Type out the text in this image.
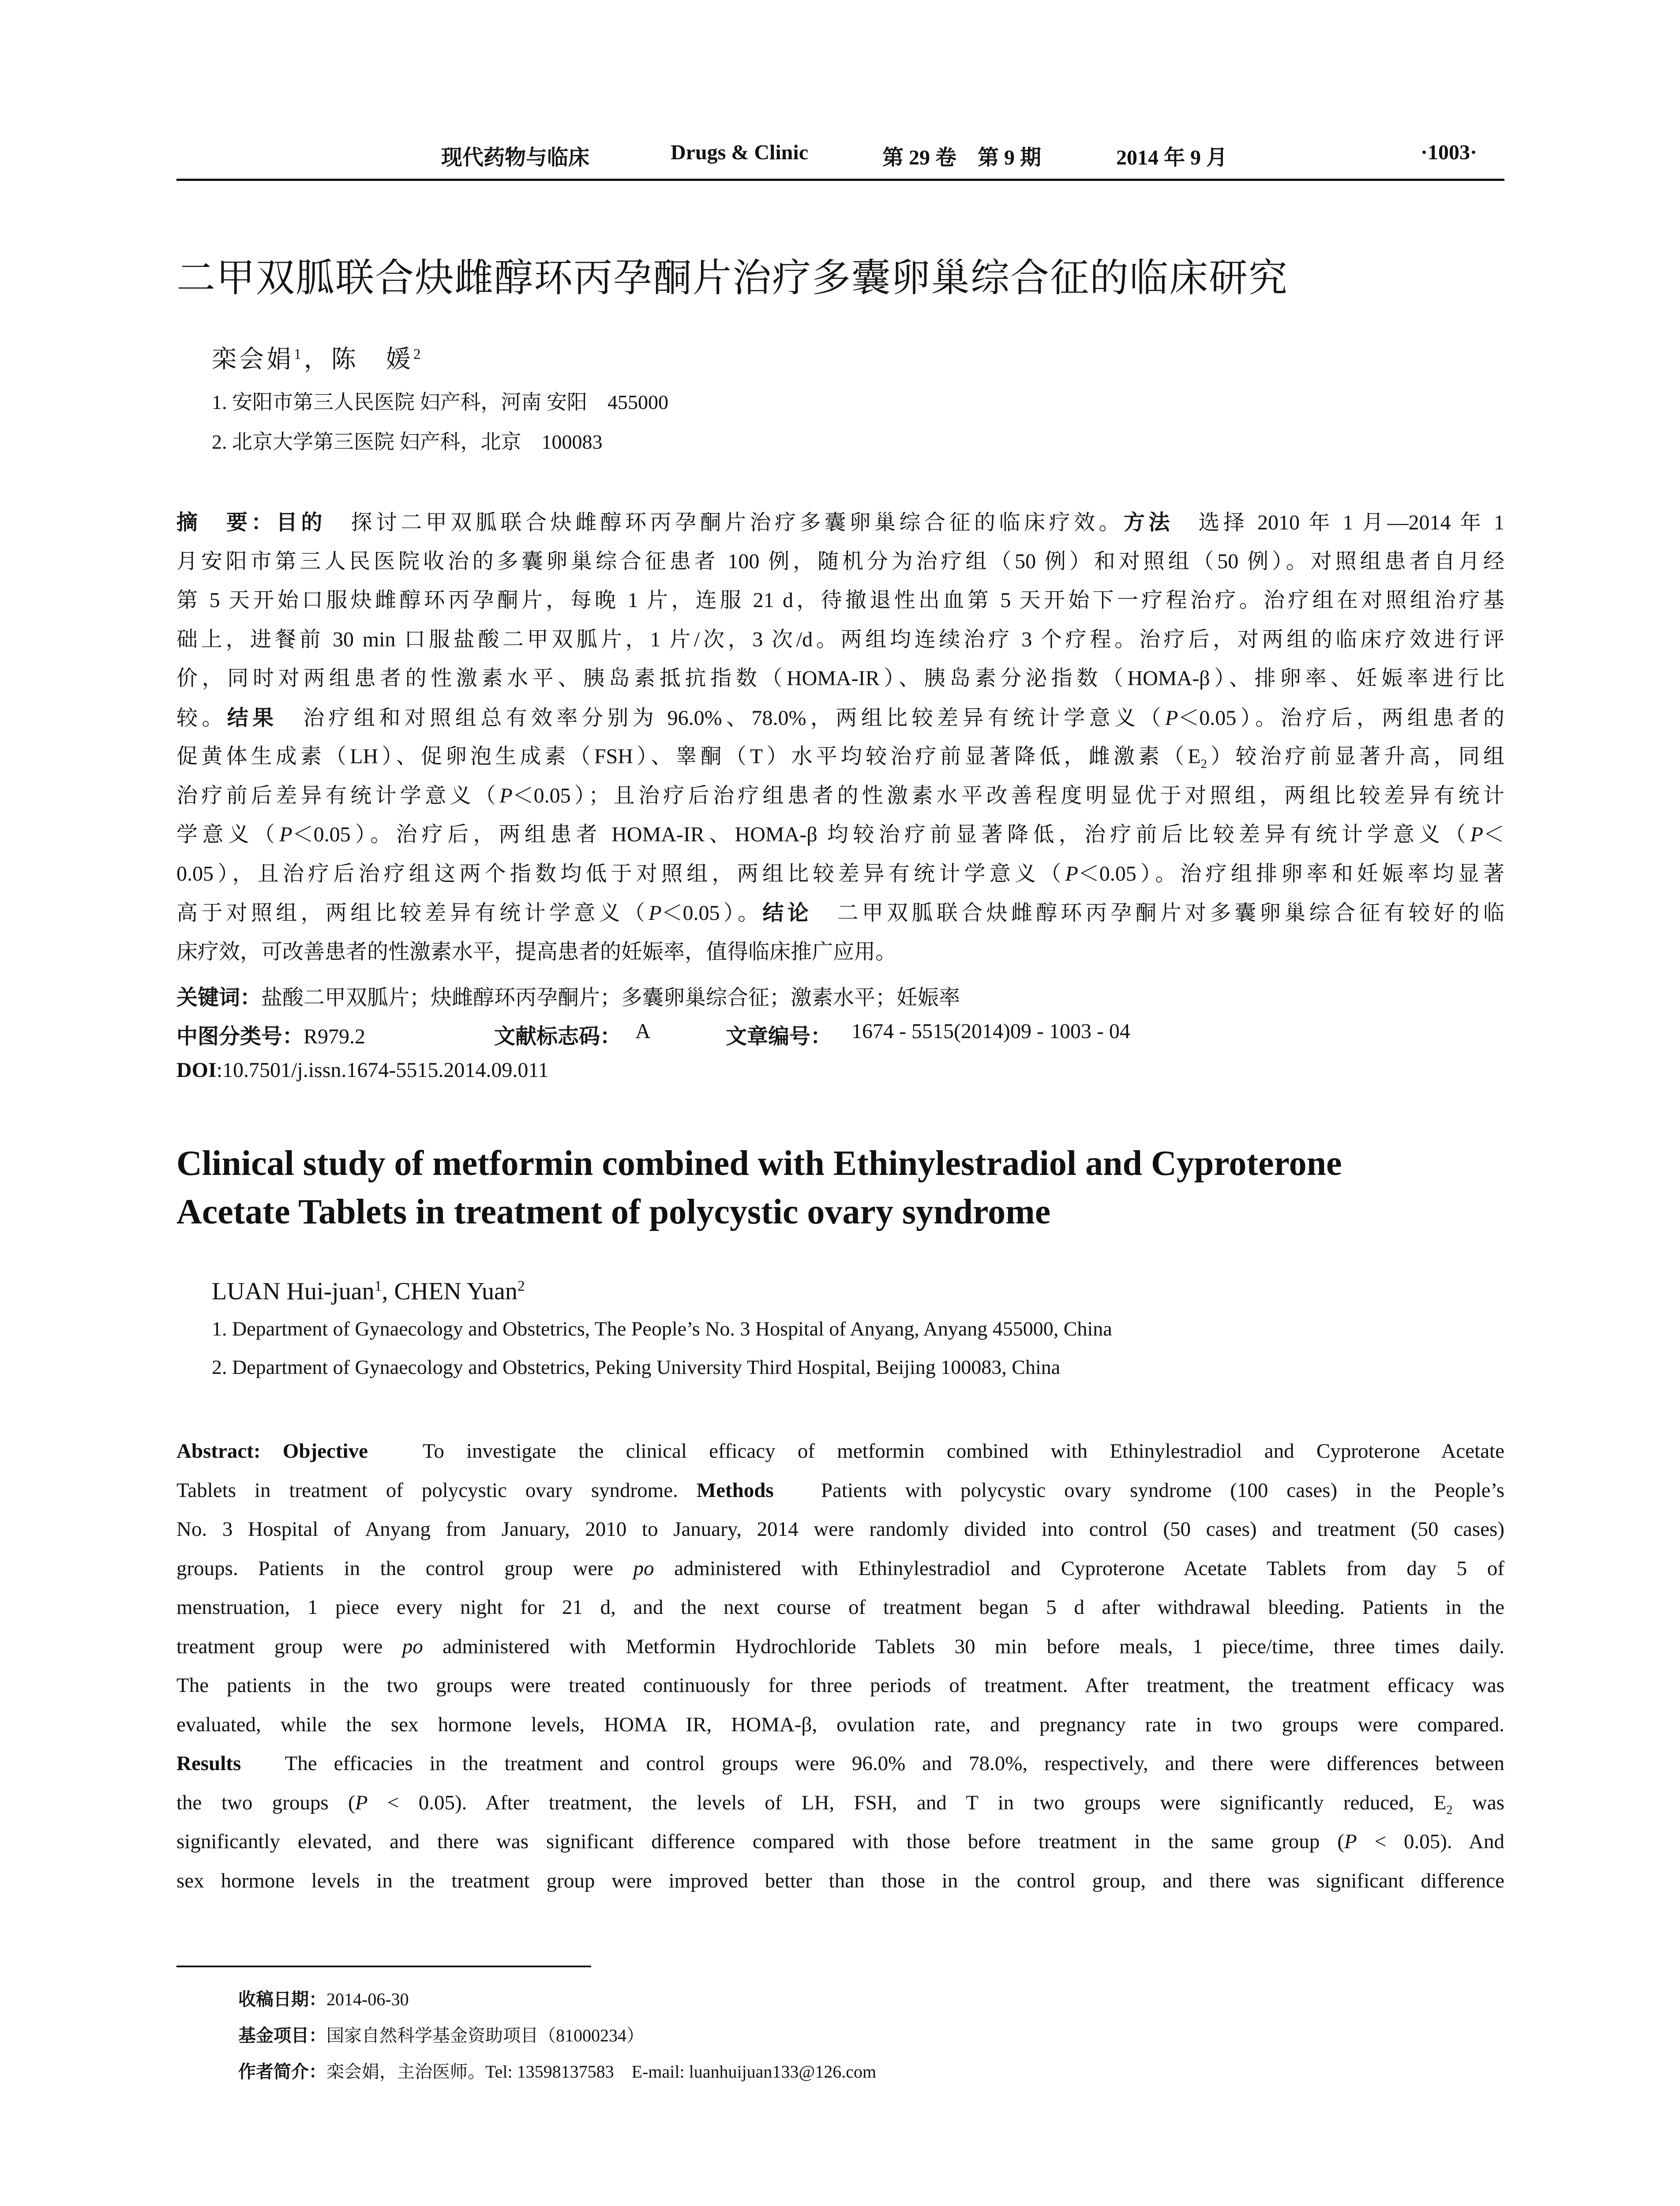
现代药物与临床	Drugs & Clinic	第 29 卷　第 9 期	2014 年 9 月	·1003·
二甲双胍联合炔雌醇环丙孕酮片治疗多囊卵巢综合征的临床研究
栾会娟$^1$，陈　媛$^2$
1. 安阳市第三人民医院 妇产科，河南 安阳　455000
2. 北京大学第三医院 妇产科，北京　100083
摘　要：目的　探讨二甲双胍联合炔雌醇环丙孕酮片治疗多囊卵巢综合征的临床疗效。方法　选择 2010 年 1 月—2014 年 1
月安阳市第三人民医院收治的多囊卵巢综合征患者 100 例，随机分为治疗组（50 例）和对照组（50 例）。对照组患者自月经
第 5 天开始口服炔雌醇环丙孕酮片，每晚 1 片，连服 21 d，待撤退性出血第 5 天开始下一疗程治疗。治疗组在对照组治疗基
础上，进餐前 30 min 口服盐酸二甲双胍片，1 片/次，3 次/d。两组均连续治疗 3 个疗程。治疗后，对两组的临床疗效进行评
价，同时对两组患者的性激素水平、胰岛素抵抗指数（HOMA-IR）、胰岛素分泌指数（HOMA-β）、排卵率、妊娠率进行比
较。结果　治疗组和对照组总有效率分别为 96.0%、78.0%，两组比较差异有统计学意义（P＜0.05）。治疗后，两组患者的
促黄体生成素（LH）、促卵泡生成素（FSH）、睾酮（T）水平均较治疗前显著降低，雌激素$(E_2)$较治疗前显著升高，同组
治疗前后差异有统计学意义（P＜0.05）；且治疗后治疗组患者的性激素水平改善程度明显优于对照组，两组比较差异有统计
学意义（P＜0.05）。治疗后，两组患者 HOMA-IR、HOMA-β 均较治疗前显著降低，治疗前后比较差异有统计学意义（P＜
0.05），且治疗后治疗组这两个指数均低于对照组，两组比较差异有统计学意义（P＜0.05）。治疗组排卵率和妊娠率均显著
高于对照组，两组比较差异有统计学意义（P＜0.05）。结论　二甲双胍联合炔雌醇环丙孕酮片对多囊卵巢综合征有较好的临
床疗效，可改善患者的性激素水平，提高患者的妊娠率，值得临床推广应用。
关键词：盐酸二甲双胍片；炔雌醇环丙孕酮片；多囊卵巢综合征；激素水平；妊娠率
中图分类号：R979.2	文献标志码： A	文章编号： 1674 - 5515(2014)09 - 1003 - 04
DOI:10.7501/j.issn.1674-5515.2014.09.011
Clinical study of metformin combined with Ethinylestradiol and Cyproterone
Acetate Tablets in treatment of polycystic ovary syndrome
LUAN Hui-juan$^1$, CHEN Yuan$^2$
1. Department of Gynaecology and Obstetrics, The People’s No. 3 Hospital of Anyang, Anyang 455000, China
2. Department of Gynaecology and Obstetrics, Peking University Third Hospital, Beijing 100083, China
Abstract: Objective　To investigate the clinical efficacy of metformin combined with Ethinylestradiol and Cyproterone Acetate
Tablets in treatment of polycystic ovary syndrome. Methods　Patients with polycystic ovary syndrome (100 cases) in the People’s
No. 3 Hospital of Anyang from January, 2010 to January, 2014 were randomly divided into control (50 cases) and treatment (50 cases)
groups. Patients in the control group were po administered with Ethinylestradiol and Cyproterone Acetate Tablets from day 5 of
menstruation, 1 piece every night for 21 d, and the next course of treatment began 5 d after withdrawal bleeding. Patients in the
treatment group were po administered with Metformin Hydrochloride Tablets 30 min before meals, 1 piece/time, three times daily.
The patients in the two groups were treated continuously for three periods of treatment. After treatment, the treatment efficacy was
evaluated, while the sex hormone levels, HOMA IR, HOMA-β, ovulation rate, and pregnancy rate in two groups were compared.
Results　The efficacies in the treatment and control groups were 96.0% and 78.0%, respectively, and there were differences between
the two groups (P < 0.05). After treatment, the levels of LH, FSH, and T in two groups were significantly reduced, $E_2$ was
significantly elevated, and there was significant difference compared with those before treatment in the same group (P < 0.05). And
sex hormone levels in the treatment group were improved better than those in the control group, and there was significant difference
收稿日期：2014-06-30
基金项目：国家自然科学基金资助项目（81000234）
作者简介：栾会娟，主治医师。Tel: 13598137583　E-mail: luanhuijuan133@126.com
